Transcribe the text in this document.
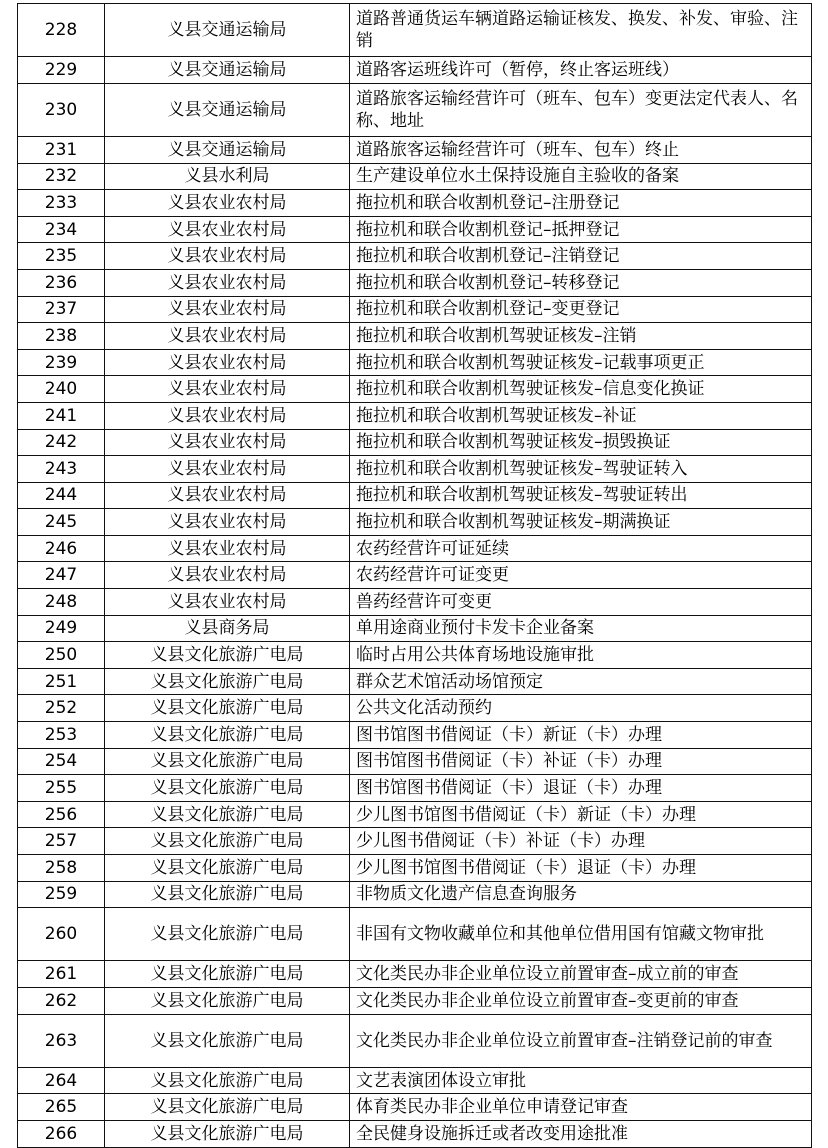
228	义县交通运输局	道路普通货运车辆道路运输证核发、换发、补发、审验、注销
229	义县交通运输局	道路客运班线许可（暂停，终止客运班线）
230	义县交通运输局	道路旅客运输经营许可（班车、包车）变更法定代表人、名称、地址
231	义县交通运输局	道路旅客运输经营许可（班车、包车）终止
232	义县水利局	生产建设单位水土保持设施自主验收的备案
233	义县农业农村局	拖拉机和联合收割机登记–注册登记
234	义县农业农村局	拖拉机和联合收割机登记–抵押登记
235	义县农业农村局	拖拉机和联合收割机登记–注销登记
236	义县农业农村局	拖拉机和联合收割机登记–转移登记
237	义县农业农村局	拖拉机和联合收割机登记–变更登记
238	义县农业农村局	拖拉机和联合收割机驾驶证核发–注销
239	义县农业农村局	拖拉机和联合收割机驾驶证核发–记载事项更正
240	义县农业农村局	拖拉机和联合收割机驾驶证核发–信息变化换证
241	义县农业农村局	拖拉机和联合收割机驾驶证核发–补证
242	义县农业农村局	拖拉机和联合收割机驾驶证核发–损毁换证
243	义县农业农村局	拖拉机和联合收割机驾驶证核发–驾驶证转入
244	义县农业农村局	拖拉机和联合收割机驾驶证核发–驾驶证转出
245	义县农业农村局	拖拉机和联合收割机驾驶证核发–期满换证
246	义县农业农村局	农药经营许可证延续
247	义县农业农村局	农药经营许可证变更
248	义县农业农村局	兽药经营许可变更
249	义县商务局	单用途商业预付卡发卡企业备案
250	义县文化旅游广电局	临时占用公共体育场地设施审批
251	义县文化旅游广电局	群众艺术馆活动场馆预定
252	义县文化旅游广电局	公共文化活动预约
253	义县文化旅游广电局	图书馆图书借阅证（卡）新证（卡）办理
254	义县文化旅游广电局	图书馆图书借阅证（卡）补证（卡）办理
255	义县文化旅游广电局	图书馆图书借阅证（卡）退证（卡）办理
256	义县文化旅游广电局	少儿图书馆图书借阅证（卡）新证（卡）办理
257	义县文化旅游广电局	少儿图书借阅证（卡）补证（卡）办理
258	义县文化旅游广电局	少儿图书馆图书借阅证（卡）退证（卡）办理
259	义县文化旅游广电局	非物质文化遗产信息查询服务
260	义县文化旅游广电局	非国有文物收藏单位和其他单位借用国有馆藏文物审批
261	义县文化旅游广电局	文化类民办非企业单位设立前置审查–成立前的审查
262	义县文化旅游广电局	文化类民办非企业单位设立前置审查–变更前的审查
263	义县文化旅游广电局	文化类民办非企业单位设立前置审查–注销登记前的审查
264	义县文化旅游广电局	文艺表演团体设立审批
265	义县文化旅游广电局	体育类民办非企业单位申请登记审查
266	义县文化旅游广电局	全民健身设施拆迁或者改变用途批准
